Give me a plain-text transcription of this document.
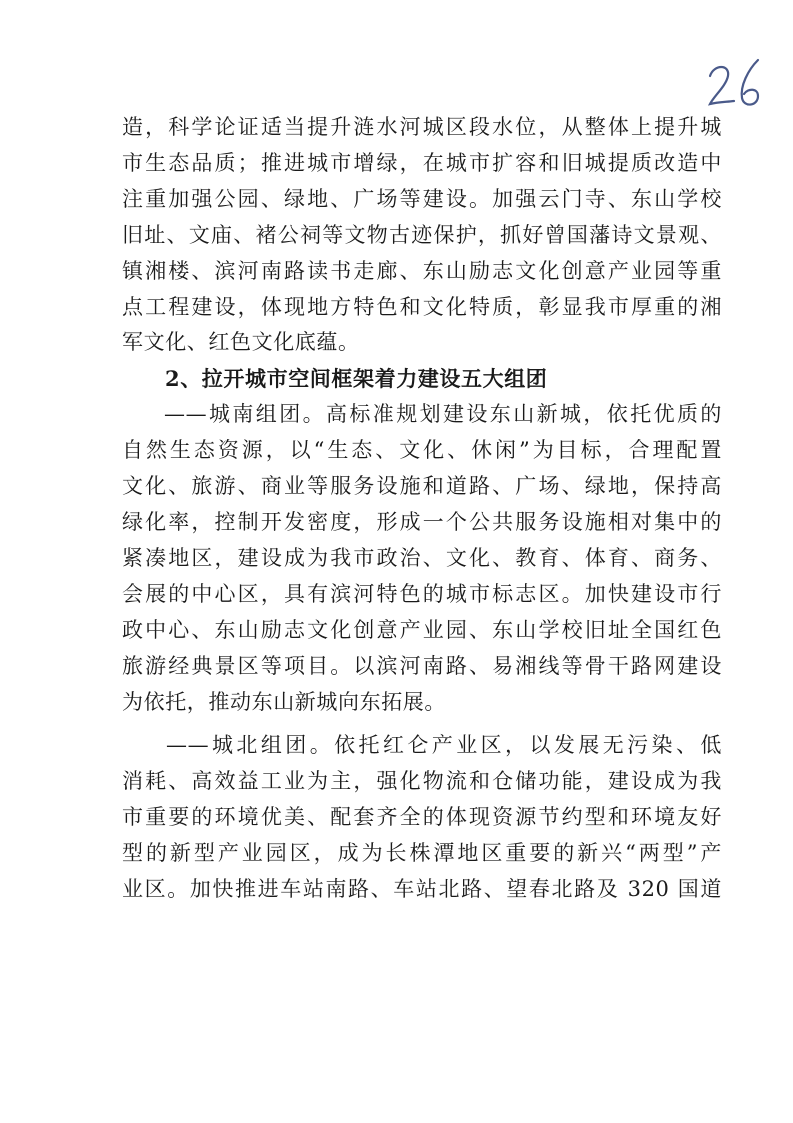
造，科学论证适当提升涟水河城区段水位，从整体上提升城
市生态品质；推进城市增绿，在城市扩容和旧城提质改造中
注重加强公园、绿地、广场等建设。加强云门寺、东山学校
旧址、文庙、褚公祠等文物古迹保护，抓好曾国藩诗文景观、
镇湘楼、滨河南路读书走廊、东山励志文化创意产业园等重
点工程建设，体现地方特色和文化特质，彰显我市厚重的湘
军文化、红色文化底蕴。

2、拉开城市空间框架着力建设五大组团

——城南组团。高标准规划建设东山新城，依托优质的
自然生态资源，以“生态、文化、休闲”为目标，合理配置
文化、旅游、商业等服务设施和道路、广场、绿地，保持高
绿化率，控制开发密度，形成一个公共服务设施相对集中的
紧凑地区，建设成为我市政治、文化、教育、体育、商务、
会展的中心区，具有滨河特色的城市标志区。加快建设市行
政中心、东山励志文化创意产业园、东山学校旧址全国红色
旅游经典景区等项目。以滨河南路、易湘线等骨干路网建设
为依托，推动东山新城向东拓展。

——城北组团。依托红仑产业区，以发展无污染、低
消耗、高效益工业为主，强化物流和仓储功能，建设成为我
市重要的环境优美、配套齐全的体现资源节约型和环境友好
型的新型产业园区，成为长株潭地区重要的新兴“两型”产
业区。加快推进车站南路、车站北路、望春北路及 320 国道
